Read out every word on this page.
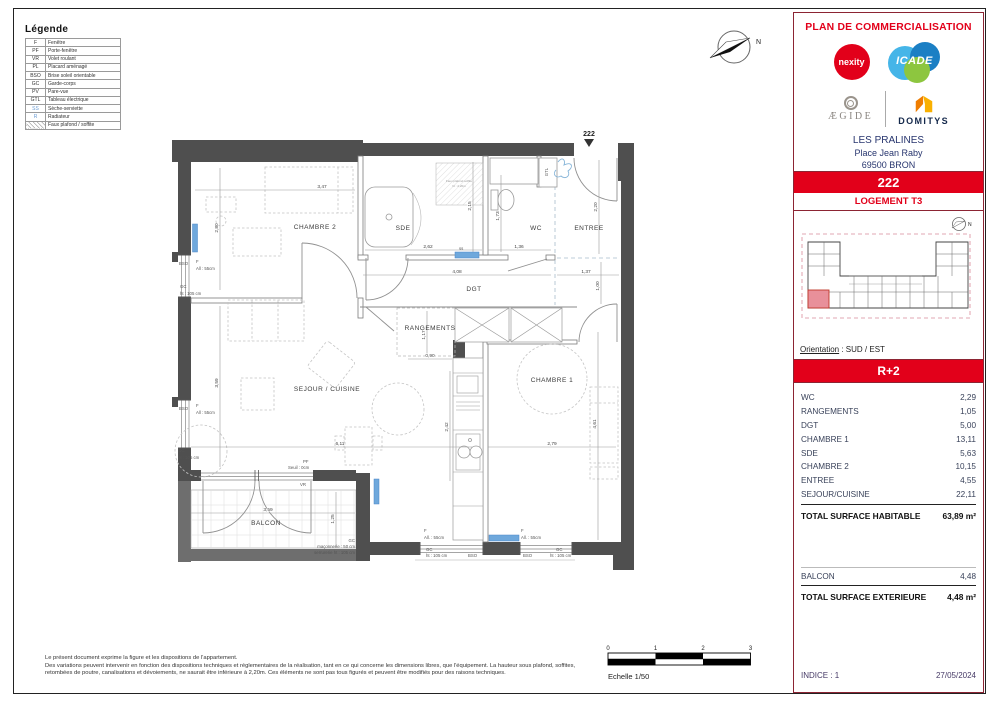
Légende
F	Fenêtre
PF	Porte-fenêtre
VR	Volet roulant
PL	Placard aménagé
BSO	Brise soleil orientable
GC	Garde-corps
PV	Pare-vue
GTL	Tableau électrique
SS	Sèche-serviette
R	Radiateur
	Faux plafond / soffite
N
3,47
2,80
2,15
2,62
1,73
1,36
4,08	1,37
2,20
1,00
1,17
0,90
3,59
6,11
2,42
2,79
4,61
3,59
1,25
CHAMBRE 2	SDE	WC	ENTREE
DGT
RANGEMENTS
SEJOUR / CUISINE
CHAMBRE 1
BALCON
BSO F
All : 55cm
GC
ht : 105 cm
BSO
F
All : 55cm
GC
ht : 105 cm
F
All. : 55cm
GC
ht : 105 cm	BSO	BSO
F
All. : 55cm
GC
ht : 105 cm
GC
maçonnerie : 50 cm
serrurerie ht : 105 cm
PF
Seuil : 0cm
VR
ss
GTL
Faux plafond soffite
ht : 2,20m
222
0	1	2	3
Echelle 1/50
PLAN DE COMMERCIALISATION
nexity	ICADE
ÆGIDE	DOMITYS
LES PRALINES
Place Jean Raby
69500 BRON
222
LOGEMENT T3
N
Orientation : SUD / EST
R+2
WC	2,29
RANGEMENTS	1,05
DGT	5,00
CHAMBRE 1	13,11
SDE	5,63
CHAMBRE 2	10,15
ENTREE	4,55
SEJOUR/CUISINE	22,11
TOTAL SURFACE HABITABLE	63,89 m²
BALCON	4,48
TOTAL SURFACE EXTERIEURE 4,48 m²
INDICE : 1	27/05/2024
Le présent document exprime la figure et les dispositions de l'appartement.
Des variations peuvent intervenir en fonction des dispositions techniques et réglementaires de la réalisation, tant en ce qui concerne les dimensions libres, que l'équipement. La hauteur sous plafond, soffites,
retombées de poutre, canalisations et dévoiements, ne saurait être inférieure à 2,20m. Ces éléments ne sont pas tous figurés et peuvent être modifiés pour des raisons techniques.
